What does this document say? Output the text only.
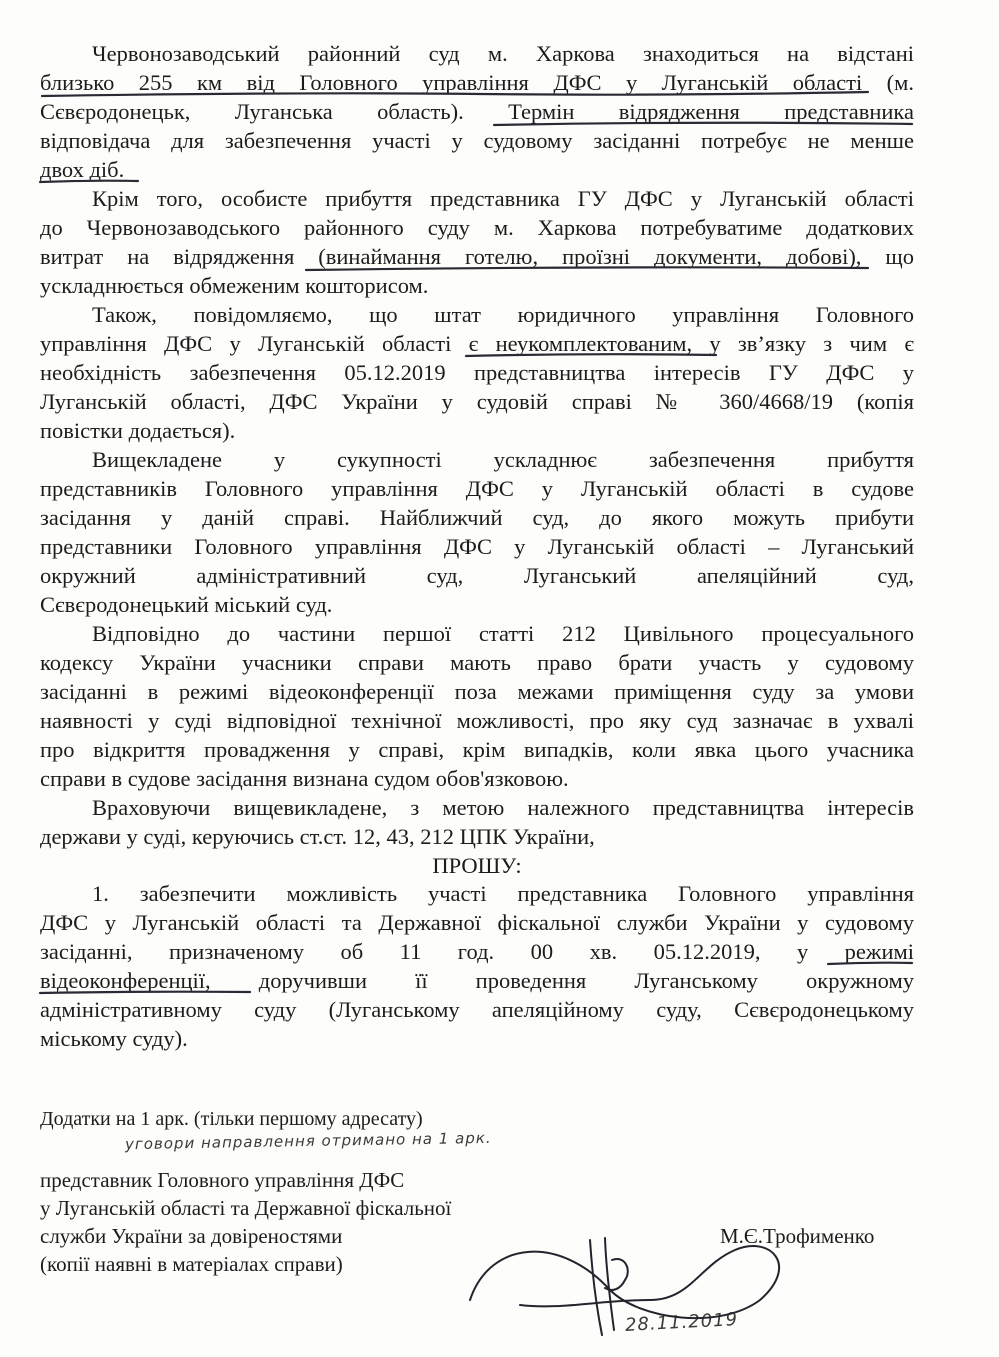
Червонозаводський районний суд м. Харкова знаходиться на відстані
близько 255 км від Головного управління ДФС у Луганській області (м.
Сєвєродонецьк, Луганська область). Термін відрядження представника
відповідача для забезпечення участі у судовому засіданні потребує не менше
двох діб.
Крім того, особисте прибуття представника ГУ ДФС у Луганській області
до Червонозаводського районного суду м. Харкова потребуватиме додаткових
витрат на відрядження (винаймання готелю, проїзні документи, добові), що
ускладнюється обмеженим кошторисом.
Також, повідомляємо, що штат юридичного управління Головного
управління ДФС у Луганській області є неукомплектованим, у зв’язку з чим є
необхідність забезпечення 05.12.2019 представництва інтересів ГУ ДФС у
Луганській області, ДФС України у судовій справі № 360/4668/19 (копія
повістки додається).
Вищекладене у сукупності ускладнює забезпечення прибуття
представників Головного управління ДФС у Луганській області в судове
засідання у даній справі. Найближчий суд, до якого можуть прибути
представники Головного управління ДФС у Луганській області – Луганський
окружний адміністративний суд, Луганський апеляційний суд,
Сєвєродонецький міський суд.
Відповідно до частини першої статті 212 Цивільного процесуального
кодексу України учасники справи мають право брати участь у судовому
засіданні в режимі відеоконференції поза межами приміщення суду за умови
наявності у суді відповідної технічної можливості, про яку суд зазначає в ухвалі
про відкриття провадження у справі, крім випадків, коли явка цього учасника
справи в судове засідання визнана судом обов'язковою.
Враховуючи вищевикладене, з метою належного представництва інтересів
держави у суді, керуючись ст.ст. 12, 43, 212 ЦПК України,
ПРОШУ:
1. забезпечити можливість участі представника Головного управління
ДФС у Луганській області та Державної фіскальної служби України у судовому
засіданні, призначеному об 11 год. 00 хв. 05.12.2019, у режимі
відеоконференції, доручивши її проведення Луганському окружному
адміністративному суду (Луганському апеляційному суду, Сєвєродонецькому
міському суду).
Додатки на 1 арк. (тільки першому адресату)
уговори направлення отримано на 1 арк.
представник Головного управління ДФС
у Луганській області та Державної фіскальної
служби України за довіреностями
(копії наявні в матеріалах справи)
М.Є.Трофименко
28.11.2019
